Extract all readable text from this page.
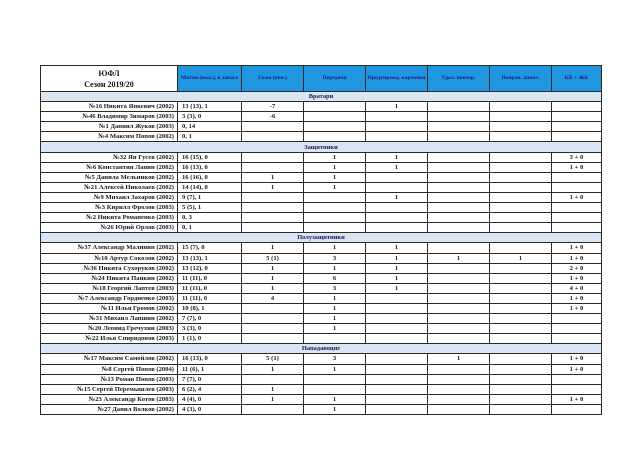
ЮФЛ
Сезон 2019/20	Матчи (вых.), в запасе	Голы (пен.)	Передачи	Предупрежд. карточки	Удал. повтор.	Неправ. аппел.	КК + ЖК
Вратари							
№16 Никита Янкевич (2002)	13 (13), 1	-7		1			
№46 Владимир Зимаров (2003)	3 (3), 0	-6					
№1 Даниил Жуков (2003)	0, 14						
№4 Максим Попов (2002)	0, 1						
Защитники							
№32 Ян Гусев (2002)	16 (15), 0		1	1			3 + 0
№6 Константин Лапин (2002)	16 (13), 0		1	1			1 + 0
№5 Данила Мельников (2002)	16 (16), 0	1	1				
№21 Алексей Николаев (2002)	14 (14), 0	1	1				
№9 Михаил Захаров (2002)	9 (7), 1			1			1 + 0
№3 Кирилл Фролов (2003)	5 (5), 1						
№2 Никита Романенко (2003)	0, 3						
№26 Юрий Орлов (2003)	0, 1						
Полузащитники							
№37 Александр Малинин (2002)	15 (7), 0	1	1	1			1 + 0
№10 Артур Соколов (2002)	13 (13), 1	5 (1)	3	1	1	1	1 + 0
№36 Никита Сухоруков (2002)	13 (12), 0	1	1	1			2 + 0
№24 Никита Панкин (2002)	11 (11), 0	1	6	1			1 + 0
№18 Георгий Лаптев (2003)	11 (11), 0	1	3	1			4 + 0
№7 Александр Гордиенко (2003)	11 (11), 0	4	1				1 + 0
№11 Илья Громов (2002)	10 (8), 1		1				1 + 0
№31 Михаил Лапшин (2002)	7 (7), 0		1				
№20 Леонид Гречухин (2003)	3 (3), 0		1				
№22 Илья Спиридонов (2003)	1 (1), 0						
Нападающие							
№17 Максим Самойлов (2002)	16 (13), 0	5 (1)	3		1		1 + 0
№8 Сергей Попов (2004)	11 (6), 1	1	1				1 + 0
№13 Роман Попов (2003)	7 (7), 0						
№15 Сергей Перемышлев (2003)	6 (2), 4	1					
№23 Александр Котов (2003)	4 (4), 0	1	1				1 + 0
№27 Данил Волков (2002)	4 (3), 0		1				
